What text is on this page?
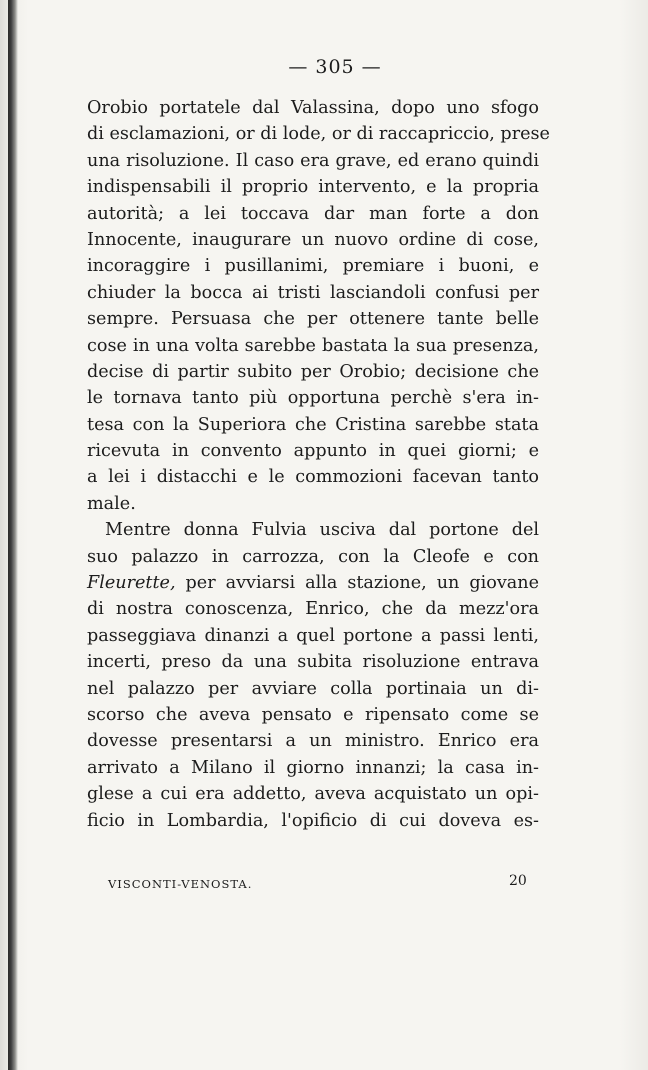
— 305 —
Orobio portatele dal Valassina, dopo uno sfogo
di esclamazioni, or di lode, or di raccapriccio, prese
una risoluzione. Il caso era grave, ed erano quindi
indispensabili il proprio intervento, e la propria
autorità; a lei toccava dar man forte a don
Innocente, inaugurare un nuovo ordine di cose,
incoraggire i pusillanimi, premiare i buoni, e
chiuder la bocca ai tristi lasciandoli confusi per
sempre. Persuasa che per ottenere tante belle
cose in una volta sarebbe bastata la sua presenza,
decise di partir subito per Orobio; decisione che
le tornava tanto più opportuna perchè s'era in-
tesa con la Superiora che Cristina sarebbe stata
ricevuta in convento appunto in quei giorni; e
a lei i distacchi e le commozioni facevan tanto
male.
Mentre donna Fulvia usciva dal portone del
suo palazzo in carrozza, con la Cleofe e con
Fleurette, per avviarsi alla stazione, un giovane
di nostra conoscenza, Enrico, che da mezz'ora
passeggiava dinanzi a quel portone a passi lenti,
incerti, preso da una subita risoluzione entrava
nel palazzo per avviare colla portinaia un di-
scorso che aveva pensato e ripensato come se
dovesse presentarsi a un ministro. Enrico era
arrivato a Milano il giorno innanzi; la casa in-
glese a cui era addetto, aveva acquistato un opi-
ficio in Lombardia, l'opificio di cui doveva es-
VISCONTI-VENOSTA.	20
